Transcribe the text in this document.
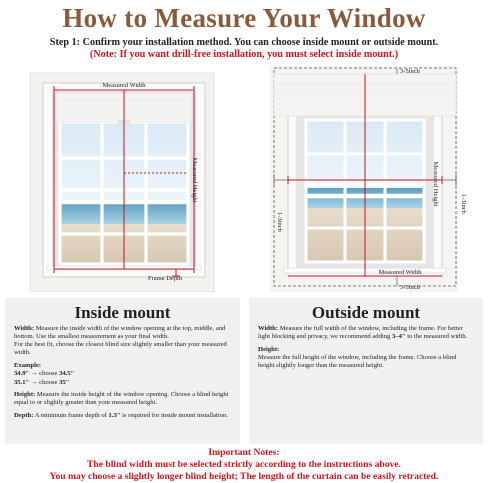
How to Measure Your Window
Step 1: Confirm your installation method. You can choose inside mount or outside mount.
(Note: If you want drill-free installation, you must select inside mount.)
Measured Width
Measured Height
Frame Depth
3-5inch
3-5inch
1-3inch
1-3inch
Measured Height
Measured Width
Inside mount

Width: Measure the inside width of the window opening at the top, middle, and bottom. Use the smallest measurement as your final width.
For the best fit, choose the closest blind size slightly smaller than your measured width.

Example:
34.9" → choose 34.5"
35.1" → choose 35"

Height: Measure the inside height of the window opening. Choose a blind height equal to or slightly greater than your measured height.

Depth: A minimum frame depth of 1.3" is required for inside mount installation.

Outside mount

Width: Measure the full width of the window, including the frame. For better light blocking and privacy, we recommend adding 3–4" to the measured width.

Height:
Measure the full height of the window, including the frame. Choose a blind height slightly longer than the measured height.

Important Notes:
The blind width must be selected strictly according to the instructions above.
You may choose a slightly longer blind height; The length of the curtain can be easily retracted.
